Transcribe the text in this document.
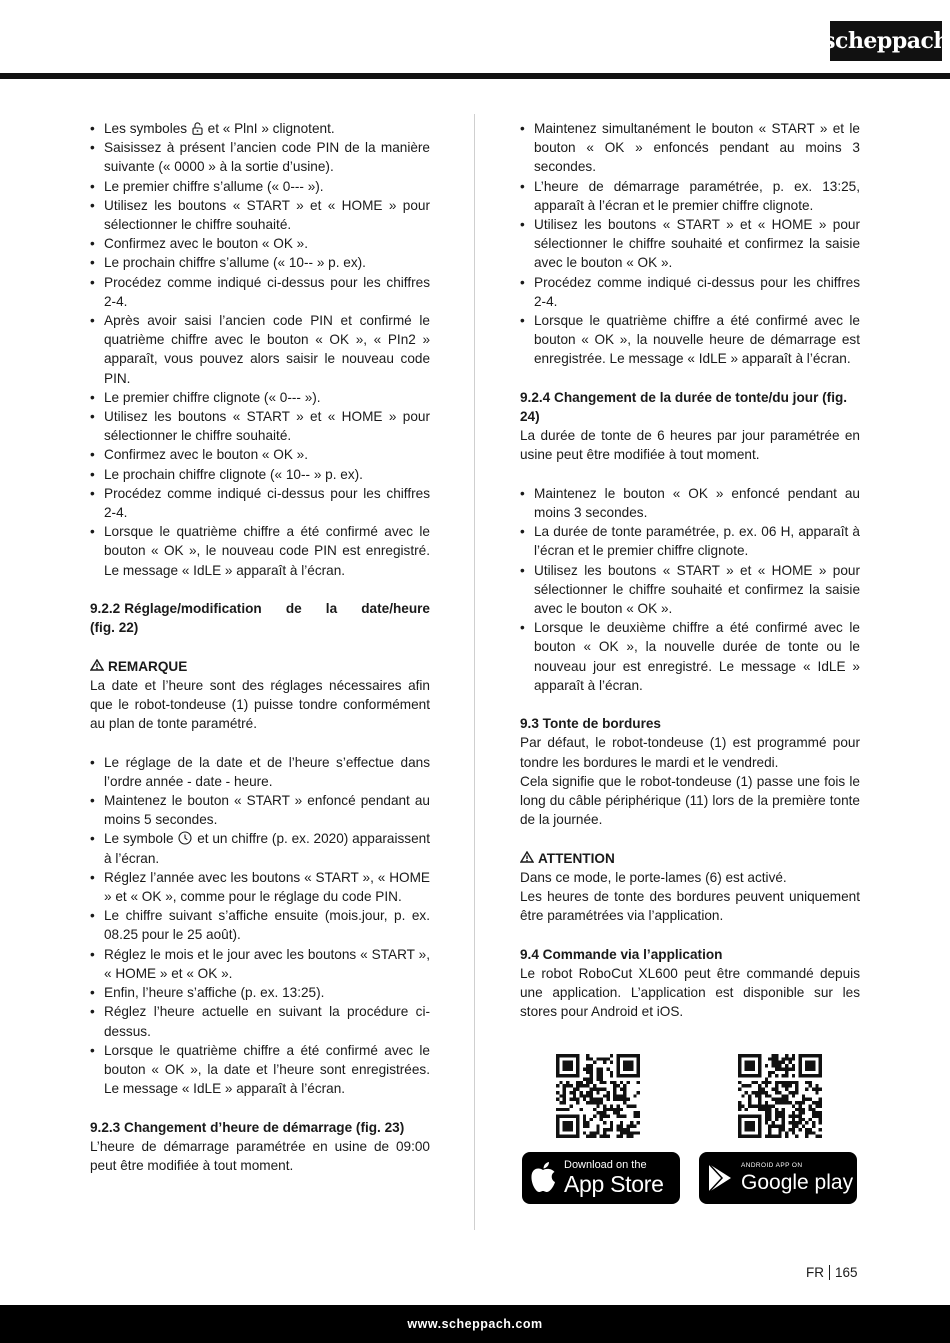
scheppach
• Les symboles  et « PlnI » clignotent.
• Saisissez à présent l’ancien code PIN de la manière suivante (« 0000 » à la sortie d’usine).
• Le premier chiffre s’allume (« 0--- »).
• Utilisez les boutons « START » et « HOME » pour sélectionner le chiffre souhaité.
• Confirmez avec le bouton « OK ».
• Le prochain chiffre s’allume (« 10-- » p. ex).
• Procédez comme indiqué ci-dessus pour les chiffres 2-4.
• Après avoir saisi l’ancien code PIN et confirmé le quatrième chiffre avec le bouton « OK », « PIn2 » apparaît, vous pouvez alors saisir le nouveau code PIN.
• Le premier chiffre clignote (« 0--- »).
• Utilisez les boutons « START » et « HOME » pour sélectionner le chiffre souhaité.
• Confirmez avec le bouton « OK ».
• Le prochain chiffre clignote (« 10-- » p. ex).
• Procédez comme indiqué ci-dessus pour les chiffres 2-4.
• Lorsque le quatrième chiffre a été confirmé avec le bouton « OK », le nouveau code PIN est enregistré. Le message « IdLE » apparaît à l’écran.
9.2.2 Réglage/modification de la date/heure
(fig. 22)
REMARQUE

La date et l’heure sont des réglages nécessaires afin que le robot-tondeuse (1) puisse tondre conformément au plan de tonte paramétré.

• Le réglage de la date et de l’heure s’effectue dans l’ordre année - date - heure.
• Maintenez le bouton « START » enfoncé pendant au moins 5 secondes.
• Le symbole  et un chiffre (p. ex. 2020) apparaissent à l’écran.
• Réglez l’année avec les boutons « START », « HOME » et « OK », comme pour le réglage du code PIN.
• Le chiffre suivant s’affiche ensuite (mois.jour, p. ex. 08.25 pour le 25 août).
• Réglez le mois et le jour avec les boutons « START », « HOME » et « OK ».
• Enfin, l’heure s’affiche (p. ex. 13:25).
• Réglez l’heure actuelle en suivant la procédure ci-dessus.
• Lorsque le quatrième chiffre a été confirmé avec le bouton « OK », la date et l’heure sont enregistrées. Le message « IdLE » apparaît à l’écran.
9.2.3 Changement d’heure de démarrage (fig. 23)

L’heure de démarrage paramétrée en usine de 09:00 peut être modifiée à tout moment.

• Maintenez simultanément le bouton « START » et le bouton « OK » enfoncés pendant au moins 3 secondes.
• L’heure de démarrage paramétrée, p. ex. 13:25, apparaît à l’écran et le premier chiffre clignote.
• Utilisez les boutons « START » et « HOME » pour sélectionner le chiffre souhaité et confirmez la saisie avec le bouton « OK ».
• Procédez comme indiqué ci-dessus pour les chiffres 2-4.
• Lorsque le quatrième chiffre a été confirmé avec le bouton « OK », la nouvelle heure de démarrage est enregistrée. Le message « IdLE » apparaît à l’écran.
9.2.4 Changement de la durée de tonte/du jour (fig. 24)

La durée de tonte de 6 heures par jour paramétrée en usine peut être modifiée à tout moment.

• Maintenez le bouton « OK » enfoncé pendant au moins 3 secondes.
• La durée de tonte paramétrée, p. ex. 06 H, apparaît à l’écran et le premier chiffre clignote.
• Utilisez les boutons « START » et « HOME » pour sélectionner le chiffre souhaité et confirmez la saisie avec le bouton « OK ».
• Lorsque le deuxième chiffre a été confirmé avec le bouton « OK », la nouvelle durée de tonte ou le nouveau jour est enregistré. Le message « IdLE » apparaît à l’écran.
9.3 Tonte de bordures

Par défaut, le robot-tondeuse (1) est programmé pour tondre les bordures le mardi et le vendredi.

Cela signifie que le robot-tondeuse (1) passe une fois le long du câble périphérique (11) lors de la première tonte de la journée.

ATTENTION

Dans ce mode, le porte-lames (6) est activé.

Les heures de tonte des bordures peuvent uniquement être paramétrées via l’application.

9.4 Commande via l’application

Le robot RoboCut XL600 peut être commandé depuis une application. L’application est disponible sur les stores pour Android et iOS.

Download on the
App Store
ANDROID APP ON
Google play
FR 165
www.scheppach.com
